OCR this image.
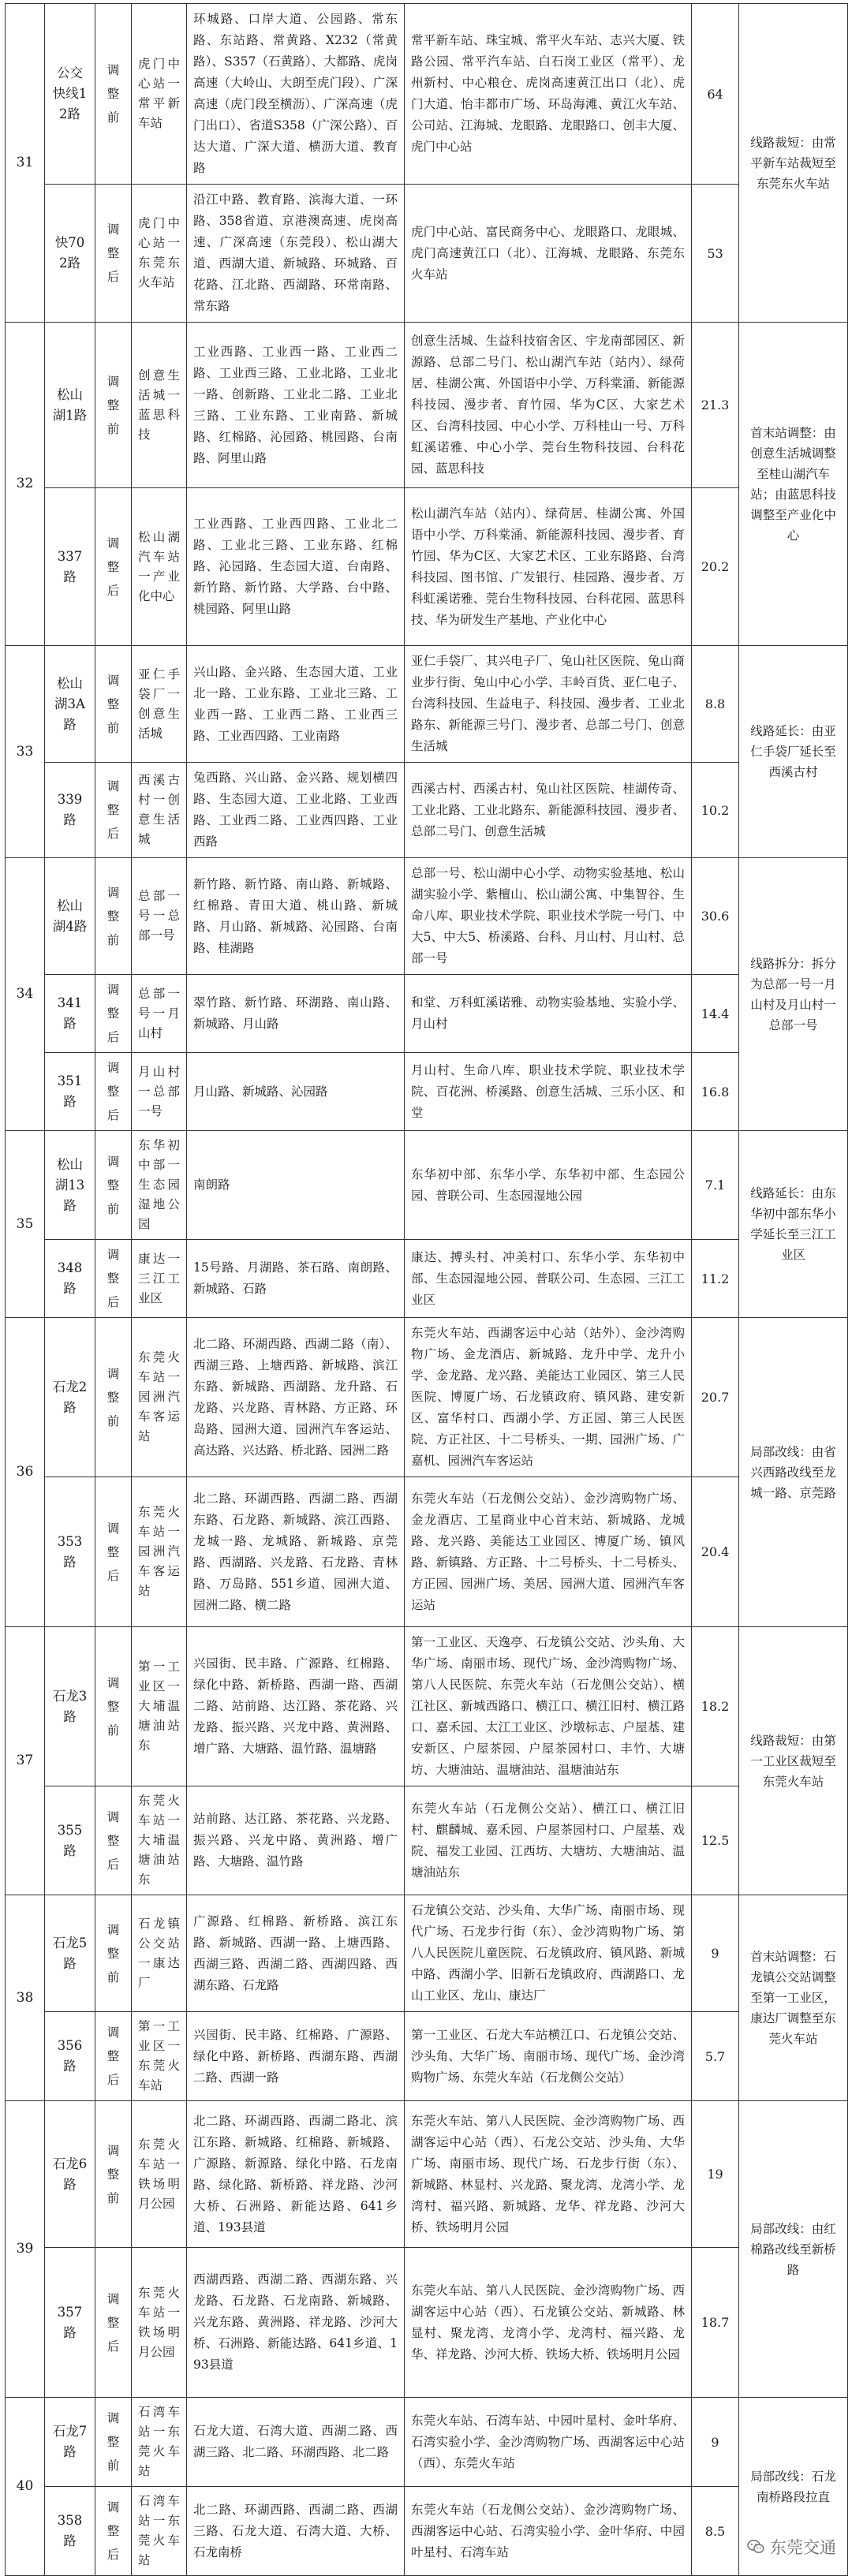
31	公交快线12路	调整前	虎门中心站一常平新车站	环城路、口岸大道、公园路、常东路、东站路、常黄路、X232（常黄路）、S357（石黄路）、大都路、虎岗高速（大岭山、大朗至虎门段）、广深高速（虎门段至横沥）、广深高速（虎门出口）、省道S358（广深公路）、百达大道、广深大道、横沥大道、教育路	常平新车站、珠宝城、常平火车站、志兴大厦、铁路公园、常平汽车站、白石岗工业区（常平）、龙州新村、中心粮仓、虎岗高速黄江出口（北）、虎门大道、怡丰都市广场、环岛海滩、黄江火车站、公司站、江海城、龙眼路、龙眼路口、创丰大厦、虎门中心站	64	线路裁短：由常平新车站裁短至东莞东火车站
	快702路	调整后	虎门中心站一东莞东火车站	沿江中路、教育路、滨海大道、一环路、358省道、京港澳高速、虎岗高速、广深高速（东莞段）、松山湖大道、西湖大道、新城路、环城路、百花路、江北路、西湖路、环常南路、常东路	虎门中心站、富民商务中心、龙眼路口、龙眼城、虎门高速黄江口（北）、江海城、龙眼路、东莞东火车站	53	
32	松山湖1路	调整前	创意生活城一蓝思科技	工业西路、工业西一路、工业西二路、工业西三路、工业北路、工业北一路、创新路、工业北二路、工业北三路、工业东路、工业南路、新城路、红棉路、沁园路、桃园路、台南路、阿里山路	创意生活城、生益科技宿舍区、宇龙南部园区、新源路、总部二号门、松山湖汽车站（站内）、绿荷居、桂湖公寓、外国语中小学、万科棠涌、新能源科技园、漫步者、育竹园、华为C区、大家艺术区、台湾科技园、中心小学、万科桂山一号、万科虹溪诺雅、中心小学、莞台生物科技园、台科花园、蓝思科技	21.3	首末站调整：由创意生活城调整至桂山湖汽车站；由蓝思科技调整至产业化中心
	337路	调整后	松山湖汽车站一产业化中心	工业西路、工业西四路、工业北二路、工业北三路、工业东路、红棉路、沁园路、生态园大道、台南路、新竹路、新竹路、大学路、台中路、桃园路、阿里山路	松山湖汽车站（站内）、绿荷居、桂湖公寓、外国语中小学、万科棠涌、新能源科技园、漫步者、育竹园、华为C区、大家艺术区、工业东路路、台湾科技园、图书馆、广发银行、桂园路、漫步者、万科虹溪诺雅、莞台生物科技园、台科花园、蓝思科技、华为研发生产基地、产业化中心	20.2	
33	松山湖3A路	调整前	亚仁手袋厂一创意生活城	兴山路、金兴路、生态园大道、工业北一路、工业东路、工业北三路、工业西一路、工业西二路、工业西三路、工业西四路、工业南路	亚仁手袋厂、其兴电子厂、兔山社区医院、兔山商业步行街、兔山中心小学、丰岭百货、亚仁电子、台湾科技园、生益电子、科技园、漫步者、工业北路东、新能源三号门、漫步者、总部二号门、创意生活城	8.8	线路延长：由亚仁手袋厂延长至西溪古村
	339路	调整后	西溪古村一创意生活城	兔西路、兴山路、金兴路、规划横四路、生态园大道、工业北路、工业西路、工业西二路、工业西四路、工业西路	西溪古村、西溪古村、兔山社区医院、桂湖传奇、工业北路、工业北路东、新能源科技园、漫步者、总部二号门、创意生活城	10.2	
34	松山湖4路	调整前	总部一号一总部一号	新竹路、新竹路、南山路、新城路、红棉路、青田大道、桃山路、新城路、月山路、新城路、沁园路、台南路、桂湖路	总部一号、松山湖中心小学、动物实验基地、松山湖实验小学、紫檀山、松山湖公寓、中集智谷、生命八库、职业技术学院、职业技术学院一号门、中大5、中大5、桥溪路、台科、月山村、月山村、总部一号	30.6	线路拆分：拆分为总部一号一月山村及月山村一总部一号
	341路	调整后	总部一号一月山村	翠竹路、新竹路、环湖路、南山路、新城路、月山路	和堂、万科虹溪诺雅、动物实验基地、实验小学、月山村	14.4	
	351路	调整后	月山村一总部一号	月山路、新城路、沁园路	月山村、生命八库、职业技术学院、职业技术学院、百花洲、桥溪路、创意生活城、三乐小区、和堂	16.8	
35	松山湖13路	调整前	东华初中部一生态园湿地公园	南朗路	东华初中部、东华小学、东华初中部、生态园公园、普联公司、生态园湿地公园	7.1	线路延长：由东华初中部东华小学延长至三江工业区
	348路	调整后	康达一三江工业区	15号路、月湖路、茶石路、南朗路、新城路、石路	康达、搏头村、冲美村口、东华小学、东华初中部、生态园湿地公园、普联公司、生态园、三江工业区	11.2	
36	石龙2路	调整前	东莞火车站一园洲汽车客运站	北二路、环湖西路、西湖二路（南）、西湖三路、上塘西路、新城路、滨江东路、新城路、西湖路、龙升路、石龙路、兴龙路、青林路、方正路、环岛路、园洲大道、园洲汽车客运站、高达路、兴达路、桥北路、园洲二路	东莞火车站、西湖客运中心站（站外）、金沙湾购物广场、金龙酒店、新城路、龙升中学、龙升小学、金龙路、龙兴路、美能达工业园区、第三人民医院、博厦广场、石龙镇政府、镇风路、建安新区、富华村口、西湖小学、方正园、第三人民医院、方正社区、十二号桥头、一期、园洲广场、广嘉机、园洲汽车客运站	20.7	局部改线：由省兴西路改线至龙城一路、京莞路
	353路	调整后	东莞火车站一园洲汽车客运站	北二路、环湖西路、西湖二路、西湖东路、石龙路、新城路、滨江西路、龙城一路、龙城路、新城路、京莞路、西湖路、兴龙路、石龙路、青林路、万岛路、551乡道、园洲大道、园洲二路、横二路	东莞火车站（石龙侧公交站）、金沙湾购物广场、金龙酒店、工星商业中心首末站、新城路、龙城路、龙兴路、美能达工业园区、博厦广场、镇风路、新镇路、方正路、十二号桥头、十二号桥头、方正园、园洲广场、美居、园洲大道、园洲汽车客运站	20.4	
37	石龙3路	调整前	第一工业区一大埔温塘油站东	兴园街、民丰路、广源路、红棉路、绿化中路、新桥路、西湖一路、西湖二路、站前路、达江路、茶花路、兴龙路、振兴路、兴龙中路、黄洲路、增广路、大塘路、温竹路、温塘路	第一工业区、天逸亭、石龙镇公交站、沙头角、大华广场、南丽市场、现代广场、金沙湾购物广场、第八人民医院、东莞火车站（石龙侧公交站）、横江社区、新城西路口、横江口、横江旧村、横江路口、嘉禾园、太江工业区、沙墩标志、户屋基、建安新区、户屋茶园、户屋茶园村口、丰竹、大塘坊、大塘油站、温塘油站、温塘油站东	18.2	线路裁短：由第一工业区裁短至东莞火车站
	355路	调整后	东莞火车站一大埔温塘油站东	站前路、达江路、茶花路、兴龙路、振兴路、兴龙中路、黄洲路、增广路、大塘路、温竹路	东莞火车站（石龙侧公交站）、横江口、横江旧村、麒麟城、嘉禾园、户屋茶园村口、户屋基、戏院、福发工业园、江西坊、大塘坊、大塘油站、温塘油站东	12.5	
38	石龙5路	调整前	石龙镇公交站一康达厂	广源路、红棉路、新桥路、滨江东路、新城路、西湖一路、上塘西路、西湖三路、西湖二路、西湖四路、西湖东路、石龙路	石龙镇公交站、沙头角、大华广场、南丽市场、现代广场、石龙步行街（东）、金沙湾购物广场、第八人民医院儿童医院、石龙镇政府、镇风路、新城中路、西湖小学、旧新石龙镇政府、西湖路口、龙山工业区、龙山、康达厂	9	首末站调整：石龙镇公交站调整至第一工业区，康达厂调整至东莞火车站
	356路	调整后	第一工业区一东莞火车站	兴园街、民丰路、红棉路、广源路、绿化中路、新桥路、西湖东路、西湖二路、西湖一路	第一工业区、石龙大车站横江口、石龙镇公交站、沙头角、大华广场、南丽市场、现代广场、金沙湾购物广场、东莞火车站（石龙侧公交站）	5.7	
39	石龙6路	调整前	东莞火车站一铁场明月公园	北二路、环湖西路、西湖二路北、滨江东路、新城路、红棉路、新城路、广源路、新源路、绿化中路、石龙南路、绿化路、新桥路、祥龙路、沙河大桥、石洲路、新能达路、641乡道、193县道	东莞火车站、第八人民医院、金沙湾购物广场、西湖客运中心站（西）、石龙公交站、沙头角、大华广场、南丽市场、现代广场、石龙步行街（东）、新城路、林显村、兴龙路、聚龙湾、龙湾小学、龙湾村、福兴路、新城路、龙华、祥龙路、沙河大桥、铁场明月公园	19	局部改线：由红棉路改线至新桥路
	357路	调整后	东莞火车站一铁场明月公园	西湖西路、西湖二路、西湖东路、兴龙路、石龙路、石龙南路、新城路、兴龙东路、黄洲路、祥龙路、沙河大桥、石洲路、新能达路、641乡道、193县道	东莞火车站、第八人民医院、金沙湾购物广场、西湖客运中心站（西）、石龙镇公交站、新城路、林显村、聚龙湾、龙湾小学、龙湾村、福兴路、龙华、祥龙路、沙河大桥、铁场大桥、铁场明月公园	18.7	
40	石龙7路	调整前	石湾车站一东莞火车站	石龙大道、石湾大道、西湖二路、西湖三路、北二路、环湖西路、北二路	东莞火车站、石湾车站、中园叶星村、金叶华府、石湾实验小学、金沙湾购物广场、西湖客运中心站（西）、东莞火车站	9	局部改线：石龙南桥路段拉直
	358路	调整后	石湾车站一东莞火车站	北二路、环湖西路、西湖二路、西湖三路、石龙大道、石湾大道、大桥、石龙南桥	东莞火车站（石龙侧公交站）、金沙湾购物广场、西湖客运中心站、石湾实验小学、金叶华府、中园叶星村、石湾车站	8.5	
东莞交通
